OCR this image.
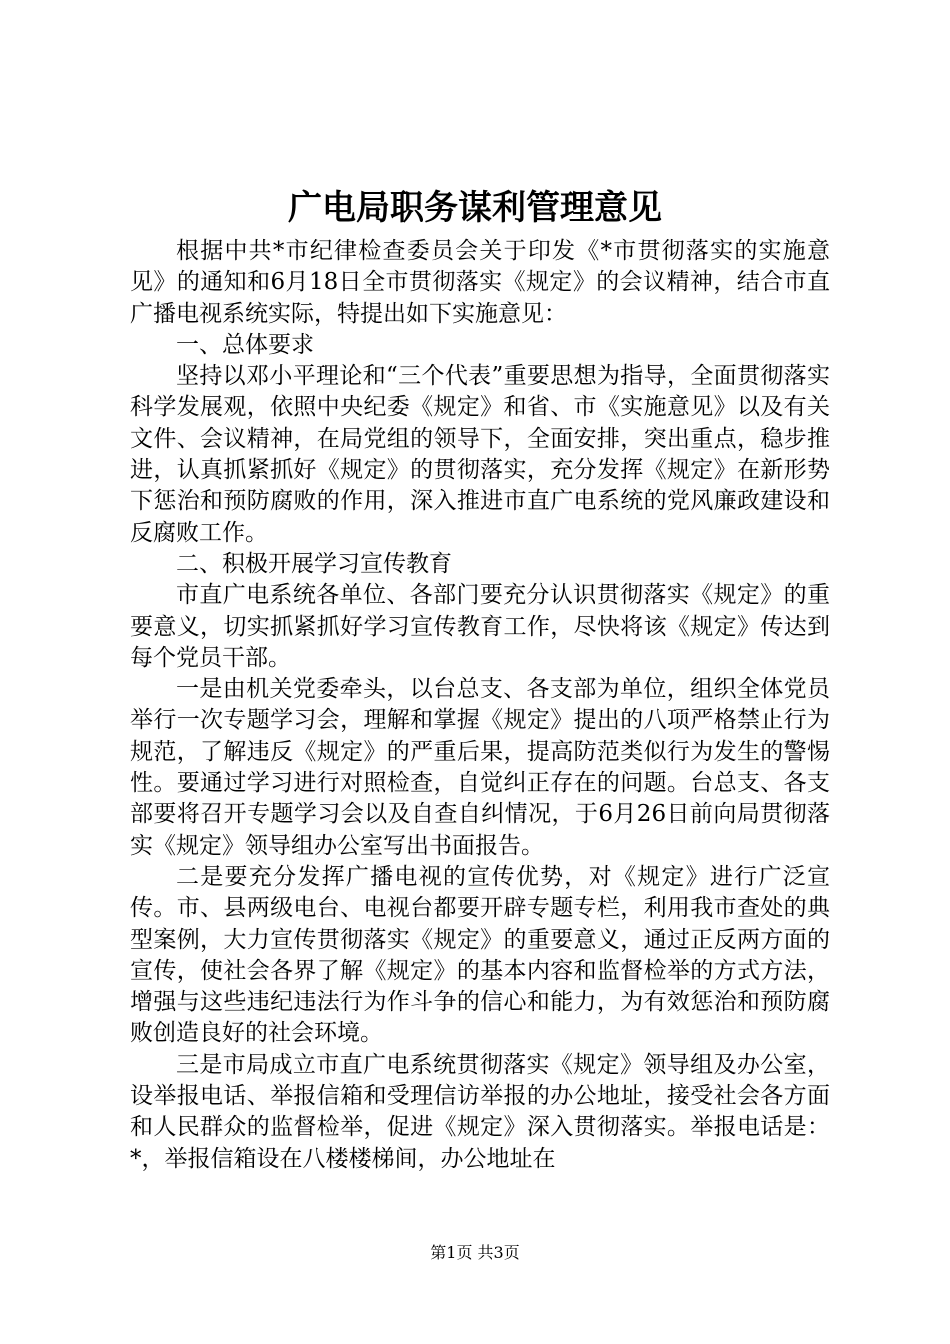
广电局职务谋利管理意见

根据中共*市纪律检查委员会关于印发《*市贯彻落实的实施意见》的通知和6月18日全市贯彻落实《规定》的会议精神，结合市直广播电视系统实际，特提出如下实施意见：

一、总体要求

坚持以邓小平理论和“三个代表”重要思想为指导，全面贯彻落实科学发展观，依照中央纪委《规定》和省、市《实施意见》以及有关文件、会议精神，在局党组的领导下，全面安排，突出重点，稳步推进，认真抓紧抓好《规定》的贯彻落实，充分发挥《规定》在新形势下惩治和预防腐败的作用，深入推进市直广电系统的党风廉政建设和反腐败工作。

二、积极开展学习宣传教育

市直广电系统各单位、各部门要充分认识贯彻落实《规定》的重要意义，切实抓紧抓好学习宣传教育工作，尽快将该《规定》传达到每个党员干部。

一是由机关党委牵头，以台总支、各支部为单位，组织全体党员举行一次专题学习会，理解和掌握《规定》提出的八项严格禁止行为规范，了解违反《规定》的严重后果，提高防范类似行为发生的警惕性。要通过学习进行对照检查，自觉纠正存在的问题。台总支、各支部要将召开专题学习会以及自查自纠情况，于6月26日前向局贯彻落实《规定》领导组办公室写出书面报告。

二是要充分发挥广播电视的宣传优势，对《规定》进行广泛宣传。市、县两级电台、电视台都要开辟专题专栏，利用我市查处的典型案例，大力宣传贯彻落实《规定》的重要意义，通过正反两方面的宣传，使社会各界了解《规定》的基本内容和监督检举的方式方法，增强与这些违纪违法行为作斗争的信心和能力，为有效惩治和预防腐败创造良好的社会环境。

三是市局成立市直广电系统贯彻落实《规定》领导组及办公室，设举报电话、举报信箱和受理信访举报的办公地址，接受社会各方面和人民群众的监督检举，促进《规定》深入贯彻落实。举报电话是：*，举报信箱设在八楼楼梯间，办公地址在

第1页 共3页
